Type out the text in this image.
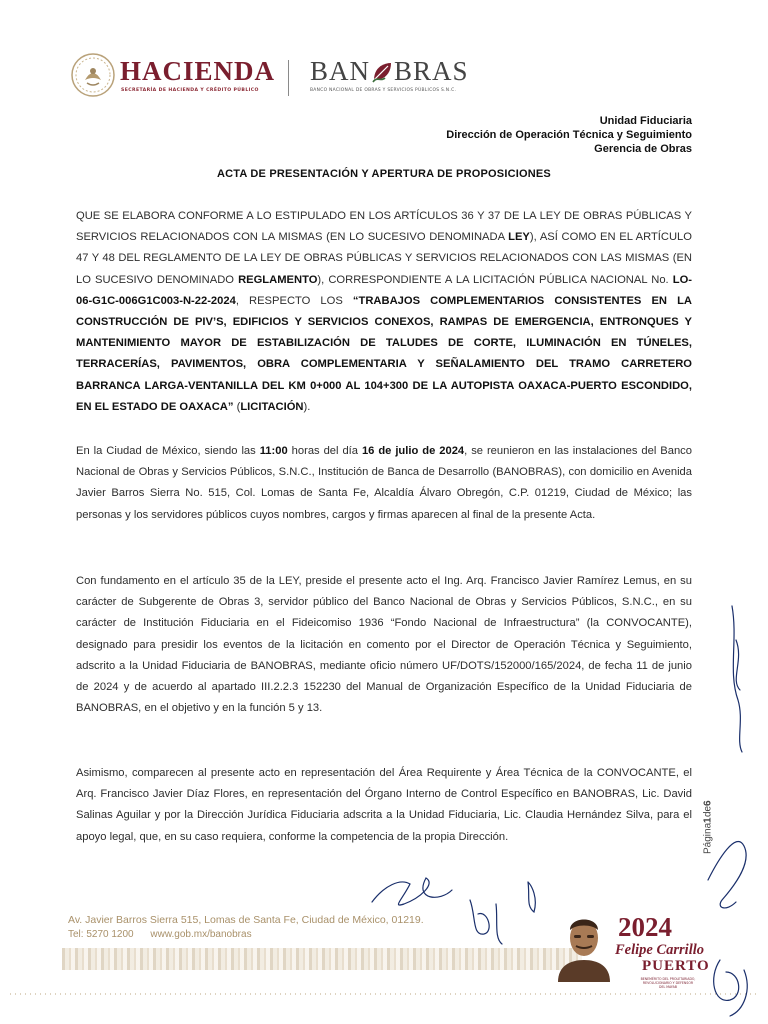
HACIENDA
SECRETARÍA DE HACIENDA Y CRÉDITO PÚBLICO
BAN BRAS
BANCO NACIONAL DE OBRAS Y SERVICIOS PÚBLICOS S.N.C.
Unidad Fiduciaria
Dirección de Operación Técnica y Seguimiento
Gerencia de Obras
ACTA DE PRESENTACIÓN Y APERTURA DE PROPOSICIONES
QUE SE ELABORA CONFORME A LO ESTIPULADO EN LOS ARTÍCULOS 36 Y 37 DE LA LEY DE OBRAS PÚBLICAS Y SERVICIOS RELACIONADOS CON LA MISMAS (EN LO SUCESIVO DENOMINADA LEY), ASÍ COMO EN EL ARTÍCULO 47 Y 48 DEL REGLAMENTO DE LA LEY DE OBRAS PÚBLICAS Y SERVICIOS RELACIONADOS CON LAS MISMAS (EN LO SUCESIVO DENOMINADO REGLAMENTO), CORRESPONDIENTE A LA LICITACIÓN PÚBLICA NACIONAL No. LO-06-G1C-006G1C003-N-22-2024, RESPECTO LOS “TRABAJOS COMPLEMENTARIOS CONSISTENTES EN LA CONSTRUCCIÓN DE PIV’S, EDIFICIOS Y SERVICIOS CONEXOS, RAMPAS DE EMERGENCIA, ENTRONQUES Y MANTENIMIENTO MAYOR DE ESTABILIZACIÓN DE TALUDES DE CORTE, ILUMINACIÓN EN TÚNELES, TERRACERÍAS, PAVIMENTOS, OBRA COMPLEMENTARIA Y SEÑALAMIENTO DEL TRAMO CARRETERO BARRANCA LARGA-VENTANILLA DEL KM 0+000 AL 104+300 DE LA AUTOPISTA OAXACA-PUERTO ESCONDIDO, EN EL ESTADO DE OAXACA” (LICITACIÓN).
En la Ciudad de México, siendo las 11:00 horas del día 16 de julio de 2024, se reunieron en las instalaciones del Banco Nacional de Obras y Servicios Públicos, S.N.C., Institución de Banca de Desarrollo (BANOBRAS), con domicilio en Avenida Javier Barros Sierra No. 515, Col. Lomas de Santa Fe, Alcaldía Álvaro Obregón, C.P. 01219, Ciudad de México; las personas y los servidores públicos cuyos nombres, cargos y firmas aparecen al final de la presente Acta.
Con fundamento en el artículo 35 de la LEY, preside el presente acto el Ing. Arq. Francisco Javier Ramírez Lemus, en su carácter de Subgerente de Obras 3, servidor público del Banco Nacional de Obras y Servicios Públicos, S.N.C., en su carácter de Institución Fiduciaria en el Fideicomiso 1936 “Fondo Nacional de Infraestructura” (la CONVOCANTE), designado para presidir los eventos de la licitación en comento por el Director de Operación Técnica y Seguimiento, adscrito a la Unidad Fiduciaria de BANOBRAS, mediante oficio número UF/DOTS/152000/165/2024, de fecha 11 de junio de 2024 y de acuerdo al apartado III.2.2.3 152230 del Manual de Organización Específico de la Unidad Fiduciaria de BANOBRAS, en el objetivo y en la función 5 y 13.
Asimismo, comparecen al presente acto en representación del Área Requirente y Área Técnica de la CONVOCANTE, el Arq. Francisco Javier Díaz Flores, en representación del Órgano Interno de Control Específico en BANOBRAS, Lic. David Salinas Aguilar y por la Dirección Jurídica Fiduciaria adscrita a la Unidad Fiduciaria, Lic. Claudia Hernández Silva, para el apoyo legal, que, en su caso requiera, conforme la competencia de la propia Dirección.	Página
1
de
6
Av. Javier Barros Sierra 515, Lomas de Santa Fe, Ciudad de México, 01219.
Tel: 5270 1200 www.gob.mx/banobras	2024
Felipe Carrillo
PUERTO
BENEMÉRITO DEL PROLETARIADO, REVOLUCIONARIO Y DEFENSOR DEL MAYAB
